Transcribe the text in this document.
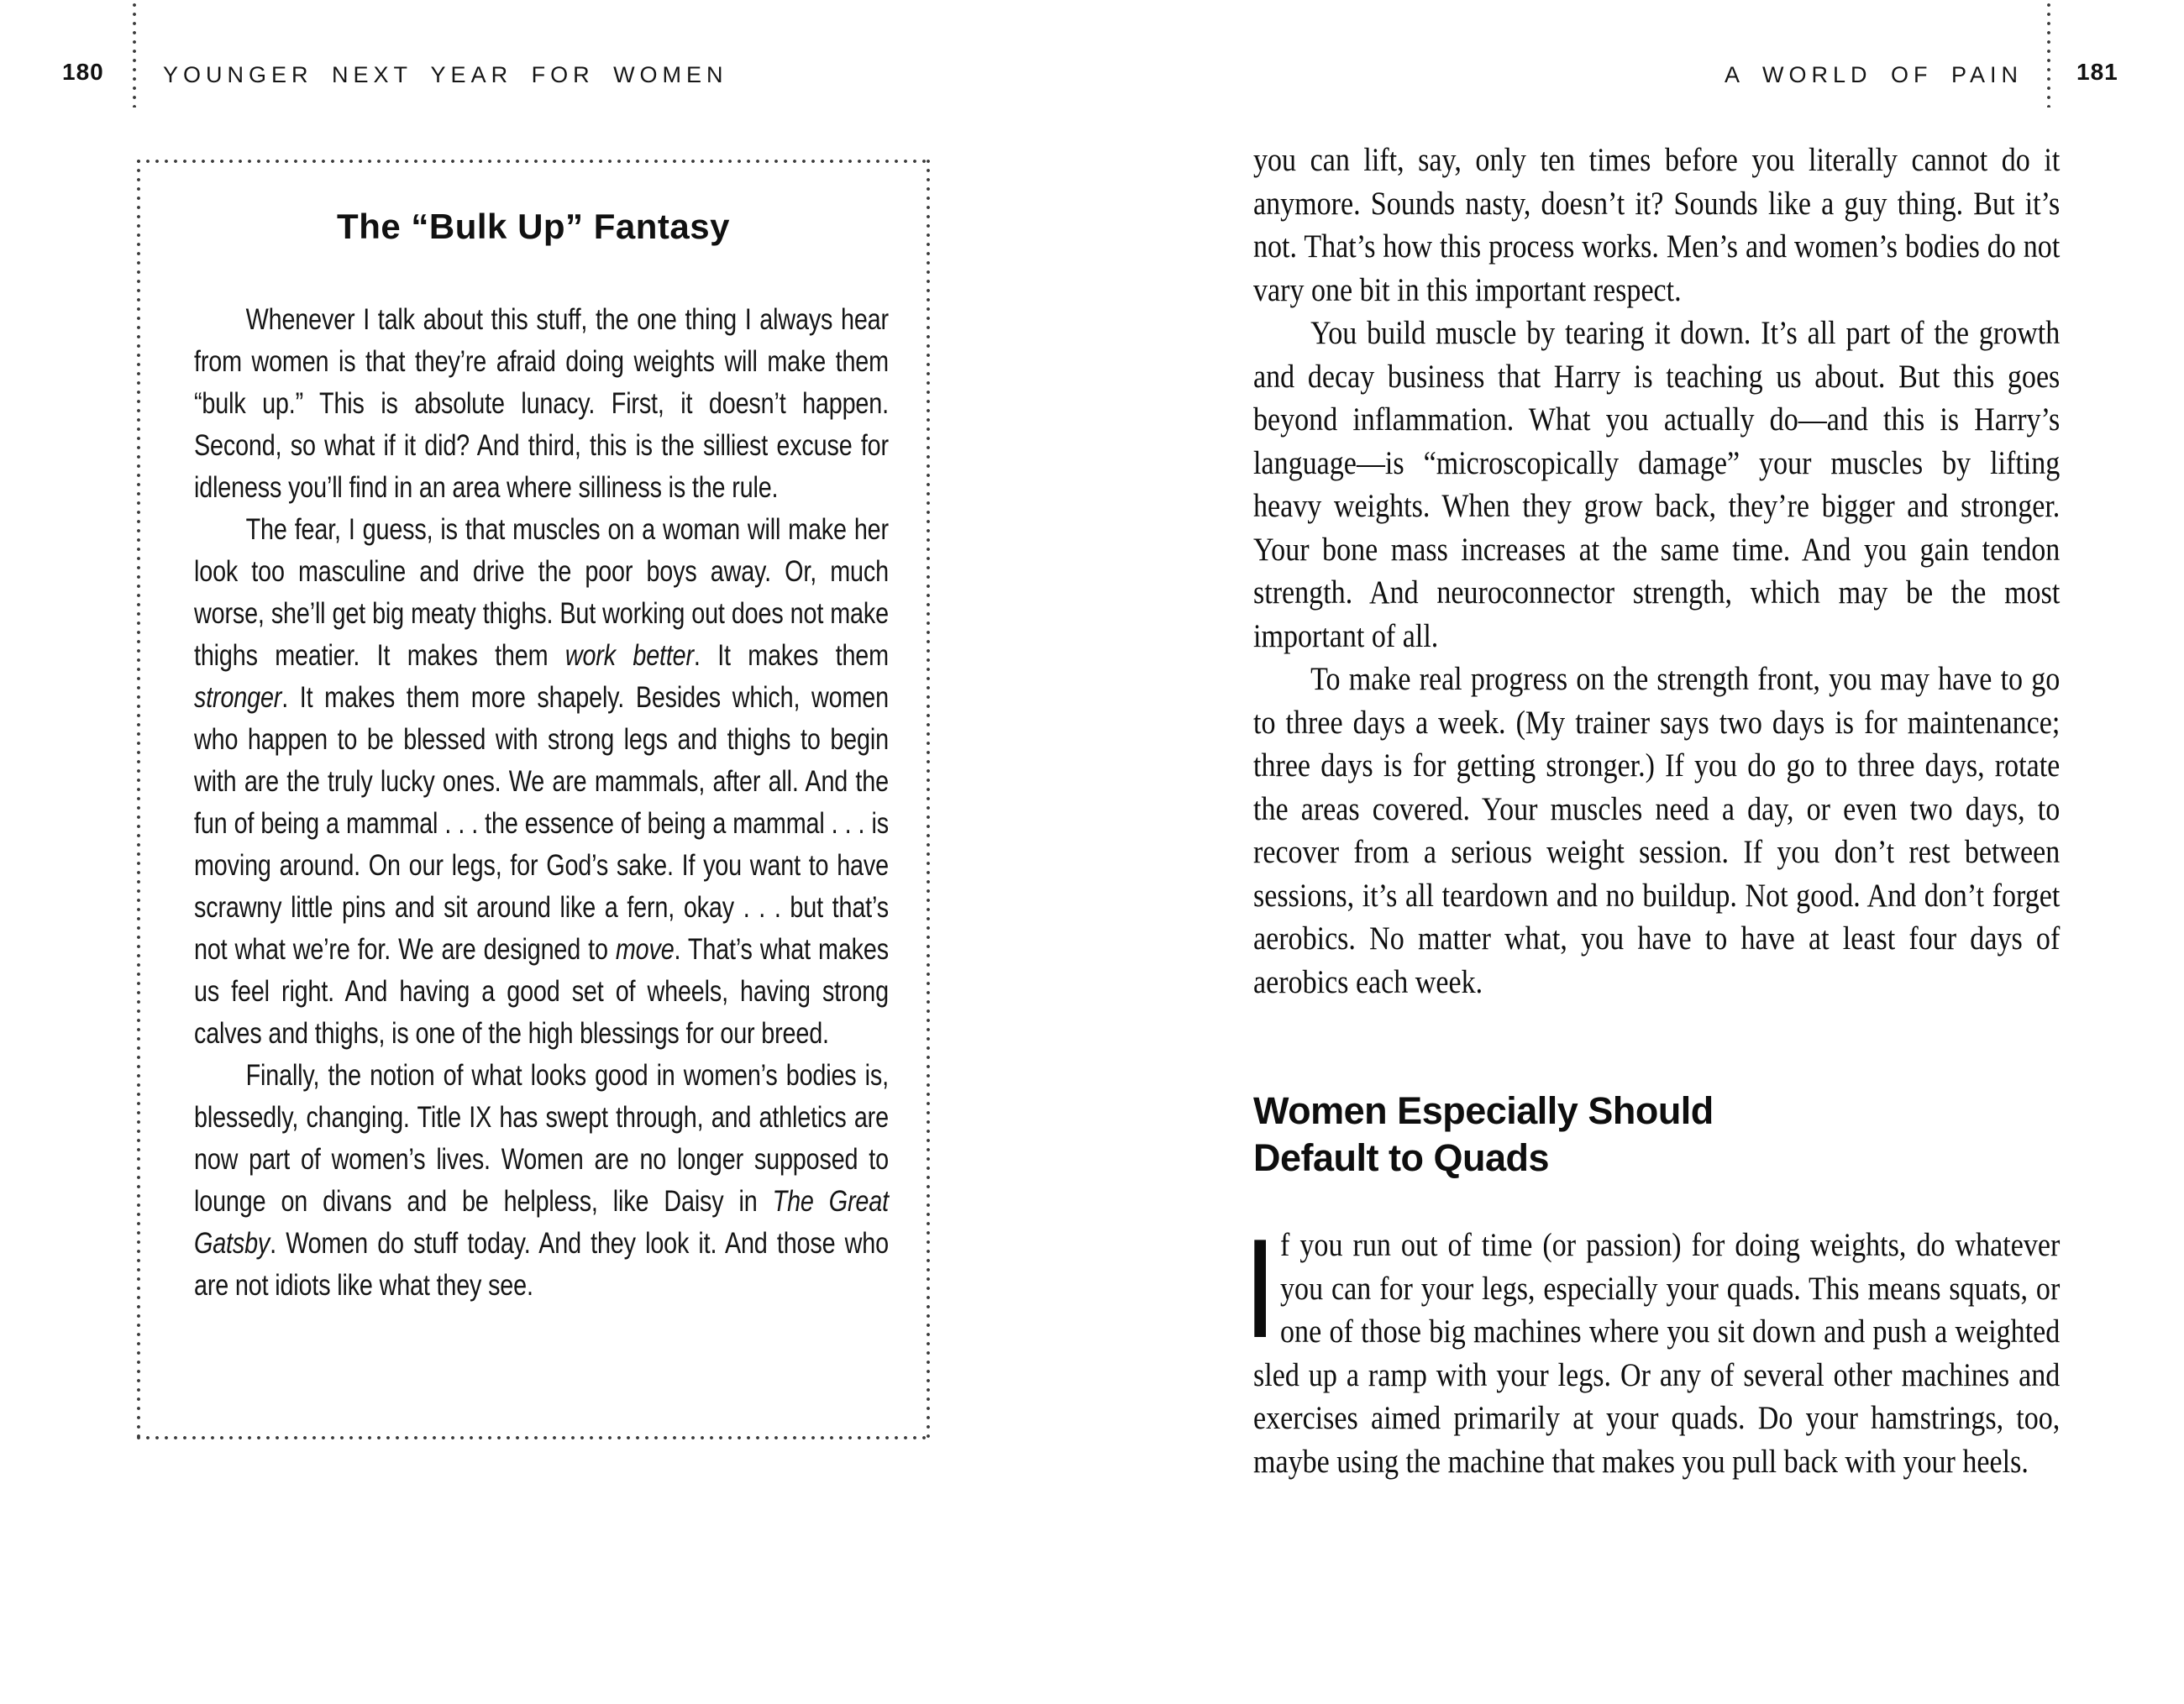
180	YOUNGER NEXT YEAR FOR WOMEN
The “Bulk Up” Fantasy

Whenever I talk about this stuff, the one thing I always hear from women is that they’re afraid doing weights will make them “bulk up.” This is absolute lunacy. First, it doesn’t happen. Second, so what if it did? And third, this is the silliest excuse for idleness you’ll find in an area where silliness is the rule.

The fear, I guess, is that muscles on a woman will make her look too masculine and drive the poor boys away. Or, much worse, she’ll get big meaty thighs. But working out does not make thighs meatier. It makes them work better. It makes them stronger. It makes them more shapely. Besides which, women who happen to be blessed with strong legs and thighs to begin with are the truly lucky ones. We are mammals, after all. And the fun of being a mammal . . . the essence of being a mammal . . . is moving around. On our legs, for God’s sake. If you want to have scrawny little pins and sit around like a fern, okay . . . but that’s not what we’re for. We are designed to move. That’s what makes us feel right. And having a good set of wheels, having strong calves and thighs, is one of the high blessings for our breed.

Finally, the notion of what looks good in women’s bodies is, blessedly, changing. Title IX has swept through, and athletics are now part of women’s lives. Women are no longer supposed to lounge on divans and be helpless, like Daisy in The Great Gatsby. Women do stuff today. And they look it. And those who are not idiots like what they see.

A WORLD OF PAIN 181

you can lift, say, only ten times before you literally cannot do it anymore. Sounds nasty, doesn’t it? Sounds like a guy thing. But it’s not. That’s how this process works. Men’s and women’s bodies do not vary one bit in this important respect.

You build muscle by tearing it down. It’s all part of the growth and decay business that Harry is teaching us about. But this goes beyond inflammation. What you actually do—and this is Harry’s language—is “microscopically damage” your muscles by lifting heavy weights. When they grow back, they’re bigger and stronger. Your bone mass increases at the same time. And you gain tendon strength. And neuroconnector strength, which may be the most important of all.

To make real progress on the strength front, you may have to go to three days a week. (My trainer says two days is for maintenance; three days is for getting stronger.) If you do go to three days, rotate the areas covered. Your muscles need a day, or even two days, to recover from a serious weight session. If you don’t rest between sessions, it’s all teardown and no buildup. Not good. And don’t forget aerobics. No matter what, you have to have at least four days of aerobics each week.

Women Especially Should
Default to Quads

If you run out of time (or passion) for doing weights, do whatever you can for your legs, especially your quads. This means squats, or one of those big machines where you sit down and push a weighted sled up a ramp with your legs. Or any of several other machines and exercises aimed primarily at your quads. Do your hamstrings, too, maybe using the machine that makes you pull back with your heels.
